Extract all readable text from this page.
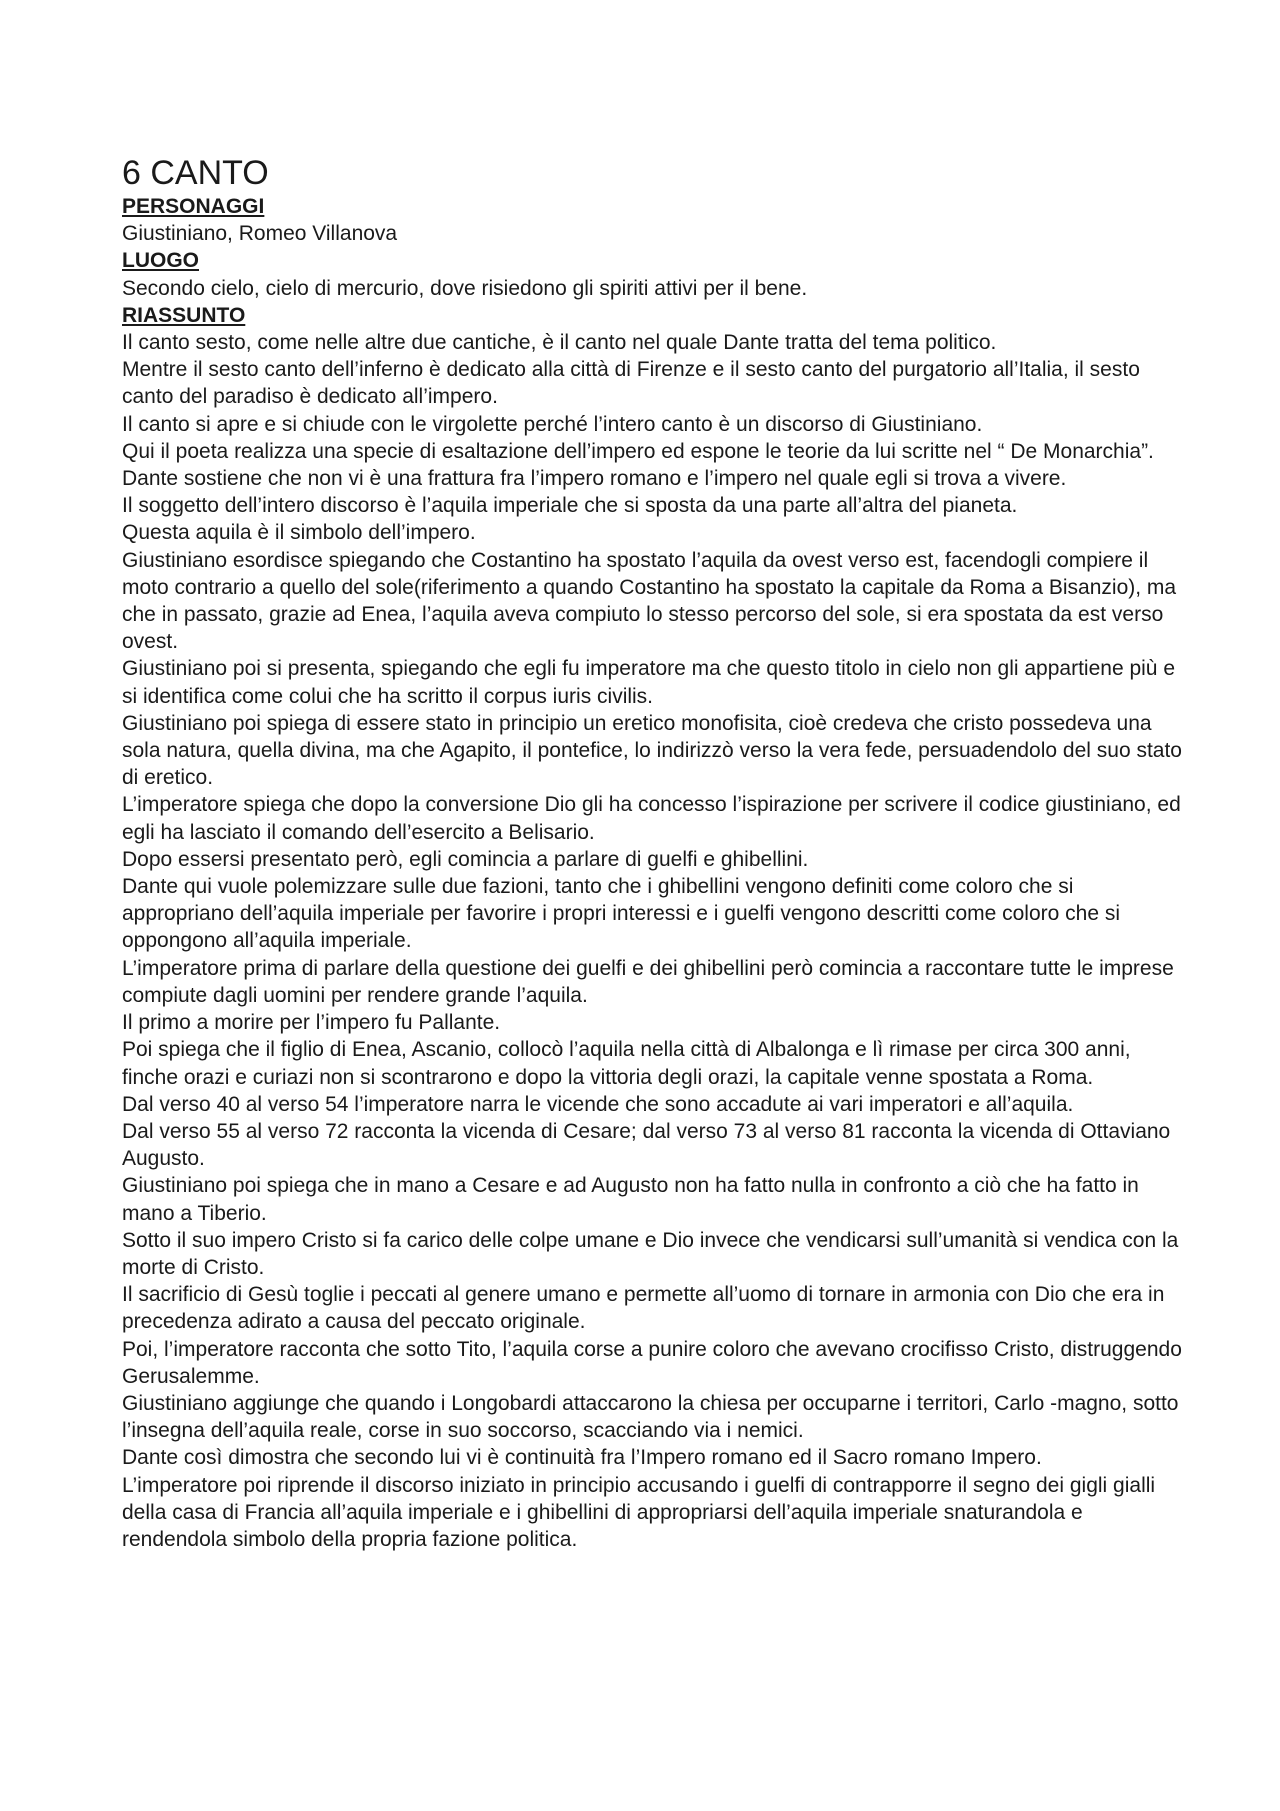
6 CANTO
PERSONAGGI

Giustiniano, Romeo Villanova

LUOGO

Secondo cielo, cielo di mercurio, dove risiedono gli spiriti attivi per il bene.

RIASSUNTO

Il canto sesto, come nelle altre due cantiche, è il canto nel quale Dante tratta del tema politico.

Mentre il sesto canto dell’inferno è dedicato alla città di Firenze e il sesto canto del purgatorio all’Italia, il sesto canto del paradiso è dedicato all’impero.

Il canto si apre e si chiude con le virgolette perché l’intero canto è un discorso di Giustiniano.

Qui il poeta realizza una specie di esaltazione dell’impero ed espone le teorie da lui scritte nel “ De Monarchia”.

Dante sostiene che non vi è una frattura fra l’impero romano e l’impero nel quale egli si trova a vivere.

Il soggetto dell’intero discorso è l’aquila imperiale che si sposta da una parte all’altra del pianeta.

Questa aquila è il simbolo dell’impero.

Giustiniano esordisce spiegando che Costantino ha spostato l’aquila da ovest verso est, facendogli compiere il moto contrario a quello del sole(riferimento a quando Costantino ha spostato la capitale da Roma a Bisanzio), ma che in passato, grazie ad Enea, l’aquila aveva compiuto lo stesso percorso del sole, si era spostata da est verso ovest.

Giustiniano poi si presenta, spiegando che egli fu imperatore ma che questo titolo in cielo non gli appartiene più e si identifica come colui che ha scritto il corpus iuris civilis.

Giustiniano poi spiega di essere stato in principio un eretico monofisita, cioè credeva che cristo possedeva una sola natura, quella divina, ma che Agapito, il pontefice, lo indirizzò verso la vera fede, persuadendolo del suo stato di eretico.

L’imperatore spiega che dopo la conversione Dio gli ha concesso l’ispirazione per scrivere il codice giustiniano, ed egli ha lasciato il comando dell’esercito a Belisario.

Dopo essersi presentato però, egli comincia a parlare di guelfi e ghibellini.

Dante qui vuole polemizzare sulle due fazioni, tanto che i ghibellini vengono definiti come coloro che si appropriano dell’aquila imperiale per favorire i propri interessi e i guelfi vengono descritti come coloro che si oppongono all’aquila imperiale.

L’imperatore prima di parlare della questione dei guelfi e dei ghibellini però comincia a raccontare tutte le imprese compiute dagli uomini per rendere grande l’aquila.

Il primo a morire per l’impero fu Pallante.

Poi spiega che il figlio di Enea, Ascanio, collocò l’aquila nella città di Albalonga e lì rimase per circa 300 anni, finche orazi e curiazi non si scontrarono e dopo la vittoria degli orazi, la capitale venne spostata a Roma.

Dal verso 40 al verso 54 l’imperatore narra le vicende che sono accadute ai vari imperatori e all’aquila.

Dal verso 55 al verso 72 racconta la vicenda di Cesare; dal verso 73 al verso 81 racconta la vicenda di Ottaviano Augusto.

Giustiniano poi spiega che in mano a Cesare e ad Augusto non ha fatto nulla in confronto a ciò che ha fatto in mano a Tiberio.

Sotto il suo impero Cristo si fa carico delle colpe umane e Dio invece che vendicarsi sull’umanità si vendica con la morte di Cristo.

Il sacrificio di Gesù toglie i peccati al genere umano e permette all’uomo di tornare in armonia con Dio che era in precedenza adirato a causa del peccato originale.

Poi, l’imperatore racconta che sotto Tito, l’aquila corse a punire coloro che avevano crocifisso Cristo, distruggendo Gerusalemme.

Giustiniano aggiunge che quando i Longobardi attaccarono la chiesa per occuparne i territori, Carlo -magno, sotto l’insegna dell’aquila reale, corse in suo soccorso, scacciando via i nemici.

Dante così dimostra che secondo lui vi è continuità fra l’Impero romano ed il Sacro romano Impero.

L’imperatore poi riprende il discorso iniziato in principio accusando i guelfi di contrapporre il segno dei gigli gialli della casa di Francia all’aquila imperiale e i ghibellini di appropriarsi dell’aquila imperiale snaturandola e rendendola simbolo della propria fazione politica.
